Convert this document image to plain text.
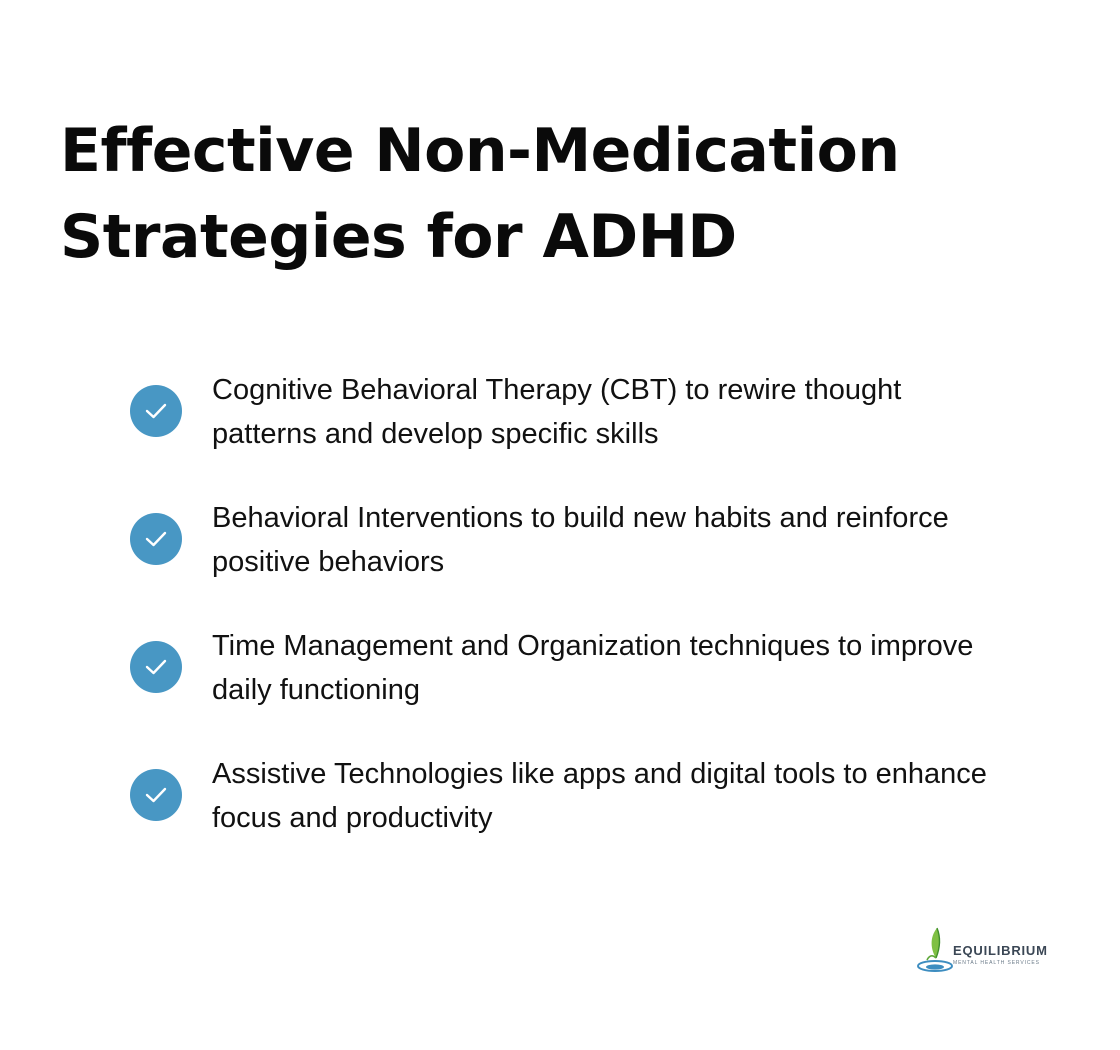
Effective Non-Medication Strategies for ADHD
Cognitive Behavioral Therapy (CBT) to rewire thought patterns and develop specific skills
Behavioral Interventions to build new habits and reinforce positive behaviors
Time Management and Organization techniques to improve daily functioning
Assistive Technologies like apps and digital tools to enhance focus and productivity
EQUILIBRIUM
MENTAL HEALTH SERVICES
